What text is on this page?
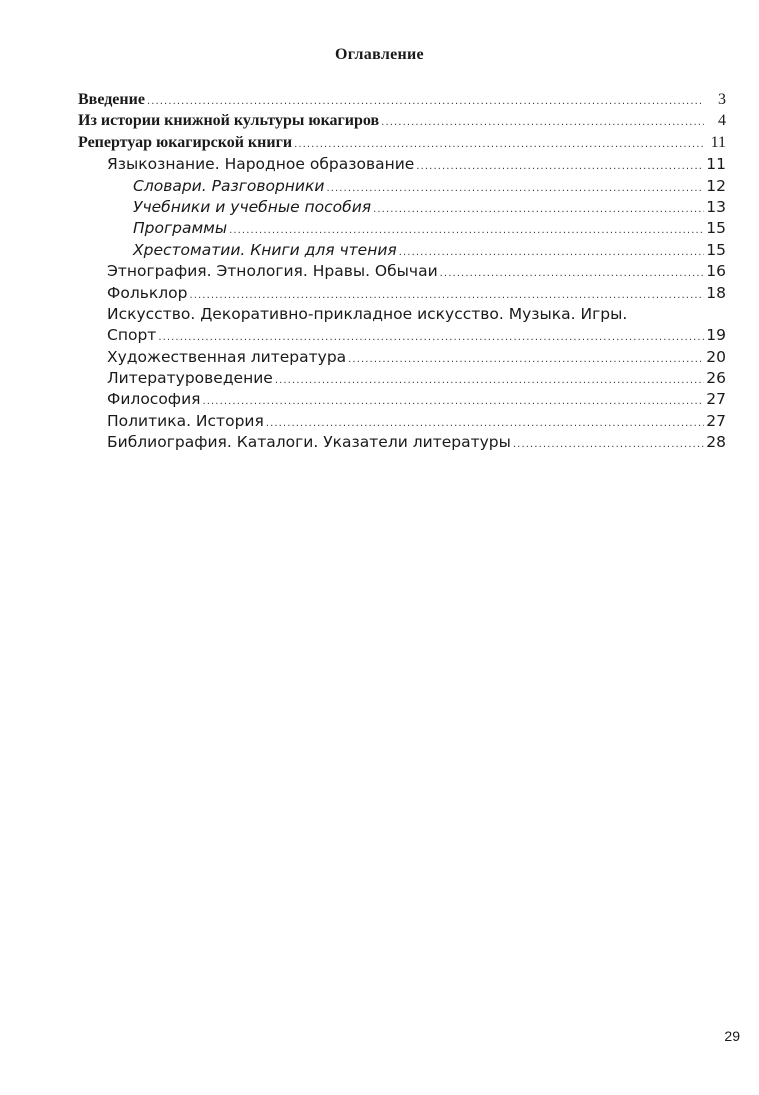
Оглавление
Введение .....	3
Из истории книжной культуры юкагиров .....	4
Репертуар юкагирской книги .....	11
Языкознание. Народное образование .....	11
Словари. Разговорники .....	12
Учебники и учебные пособия .....	13
Программы .....	15
Хрестоматии. Книги для чтения .....	15
Этнография. Этнология. Нравы. Обычаи .....	16
Фольклор .....	18
Искусство. Декоративно-прикладное искусство. Музыка. Игры.
Спорт .....	19
Художественная литература .....	20
Литературоведение .....	26
Философия .....	27
Политика. История .....	27
Библиография. Каталоги. Указатели литературы .....	28
29
